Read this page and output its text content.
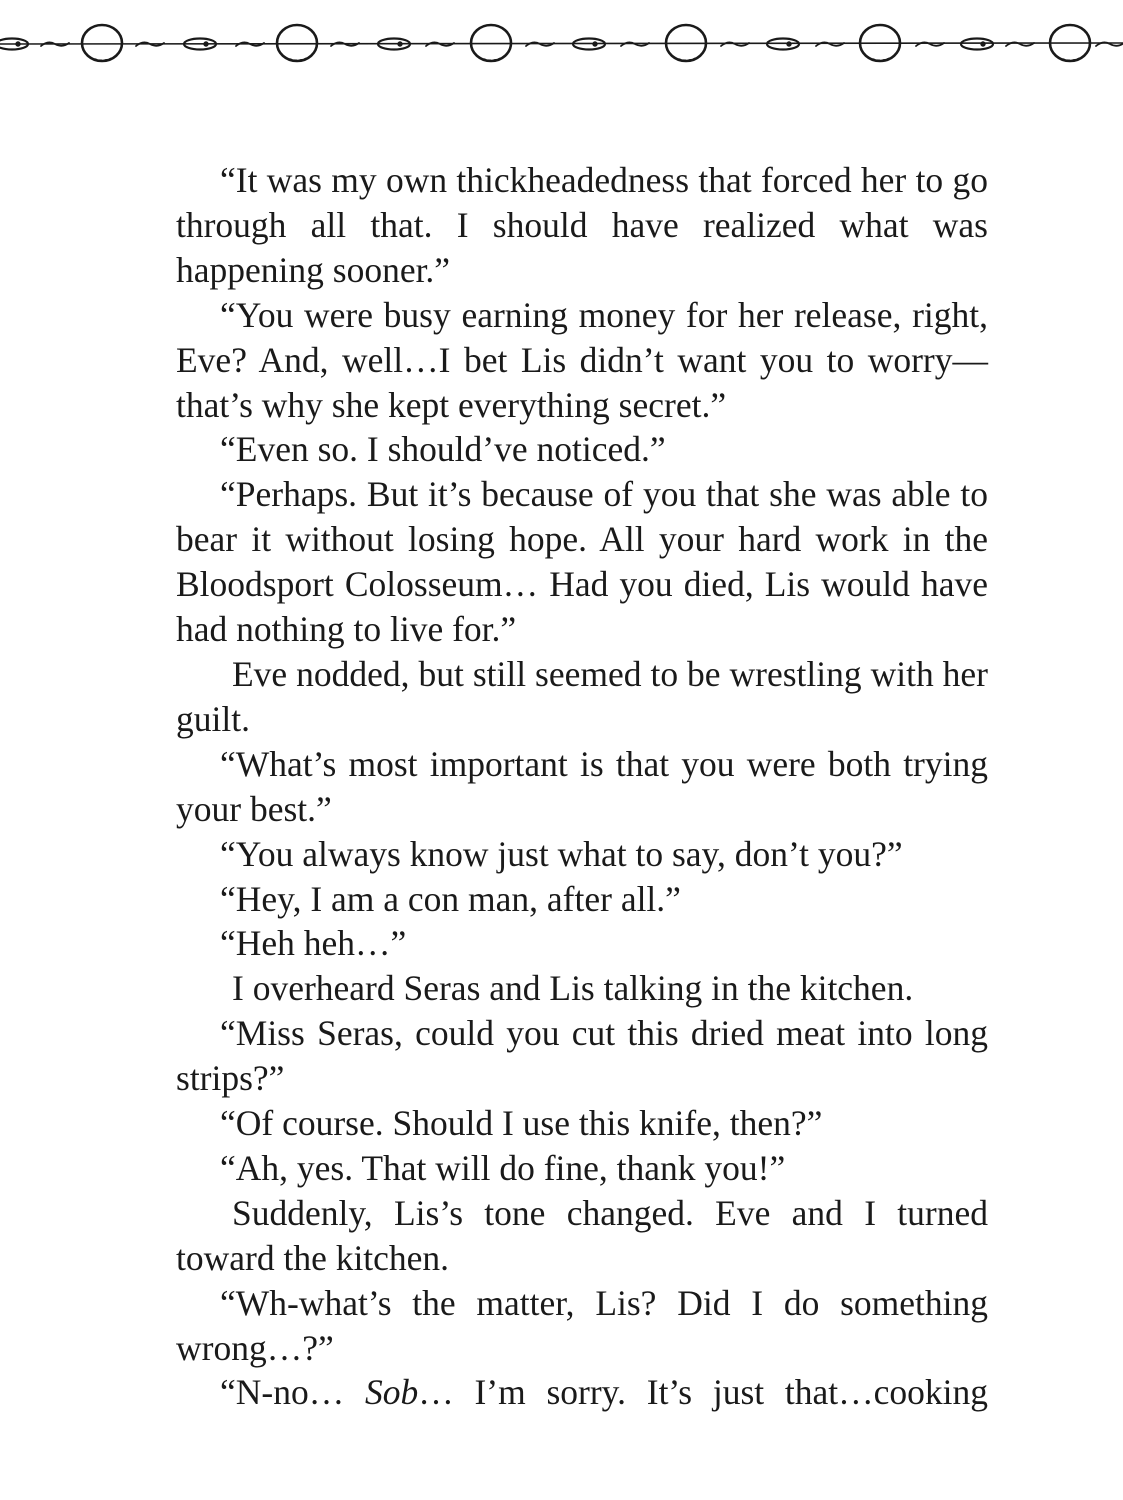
“It was my own thickheadedness that forced her to go through all that. I should have realized what was happening sooner.”

“You were busy earning money for her release, right, Eve? And, well…I bet Lis didn’t want you to worry—that’s why she kept everything secret.”

“Even so. I should’ve noticed.”

“Perhaps. But it’s because of you that she was able to bear it without losing hope. All your hard work in the Bloodsport Colosseum… Had you died, Lis would have had nothing to live for.”

Eve nodded, but still seemed to be wrestling with her guilt.

“What’s most important is that you were both trying your best.”

“You always know just what to say, don’t you?”

“Hey, I am a con man, after all.”

“Heh heh…”

I overheard Seras and Lis talking in the kitchen.

“Miss Seras, could you cut this dried meat into long strips?”

“Of course. Should I use this knife, then?”

“Ah, yes. That will do fine, thank you!”

Suddenly, Lis’s tone changed. Eve and I turned toward the kitchen.

“Wh-what’s the matter, Lis? Did I do something wrong…?”

“N-no… Sob… I’m sorry. It’s just that…cooking
